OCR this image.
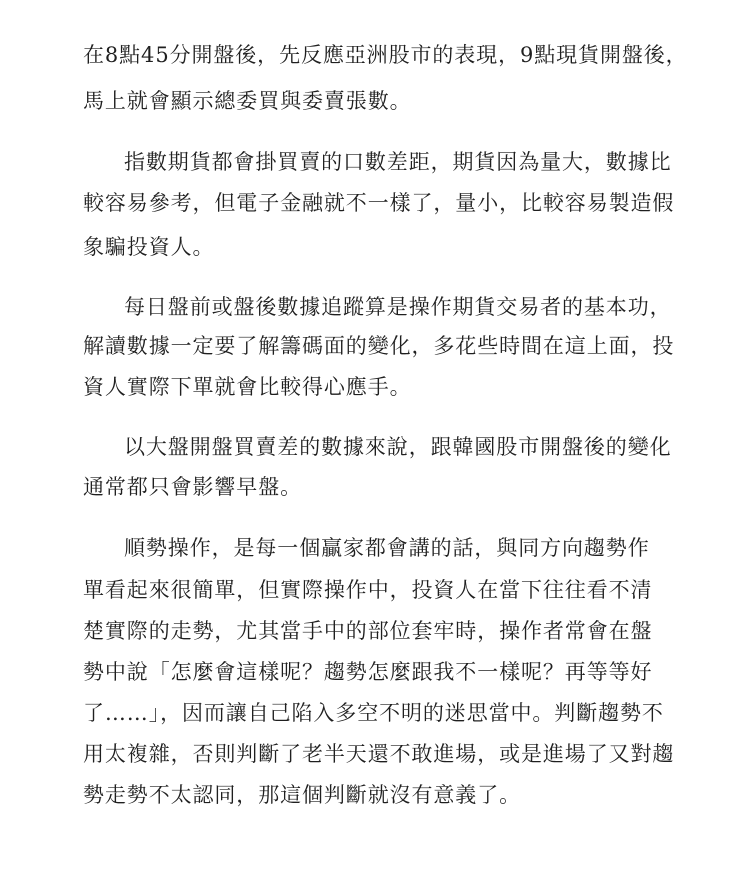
在8點45分開盤後，先反應亞洲股市的表現，9點現貨開盤後，
馬上就會顯示總委買與委賣張數。
指數期貨都會掛買賣的口數差距，期貨因為量大，數據比
較容易參考，但電子金融就不一樣了，量小，比較容易製造假
象騙投資人。
每日盤前或盤後數據追蹤算是操作期貨交易者的基本功，
解讀數據一定要了解籌碼面的變化，多花些時間在這上面，投
資人實際下單就會比較得心應手。
以大盤開盤買賣差的數據來說，跟韓國股市開盤後的變化
通常都只會影響早盤。
順勢操作，是每一個贏家都會講的話，與同方向趨勢作
單看起來很簡單，但實際操作中，投資人在當下往往看不清
楚實際的走勢，尤其當手中的部位套牢時，操作者常會在盤
勢中說「怎麼會這樣呢？趨勢怎麼跟我不一樣呢？再等等好
了……」，因而讓自己陷入多空不明的迷思當中。判斷趨勢不
用太複雜，否則判斷了老半天還不敢進場，或是進場了又對趨
勢走勢不太認同，那這個判斷就沒有意義了。
